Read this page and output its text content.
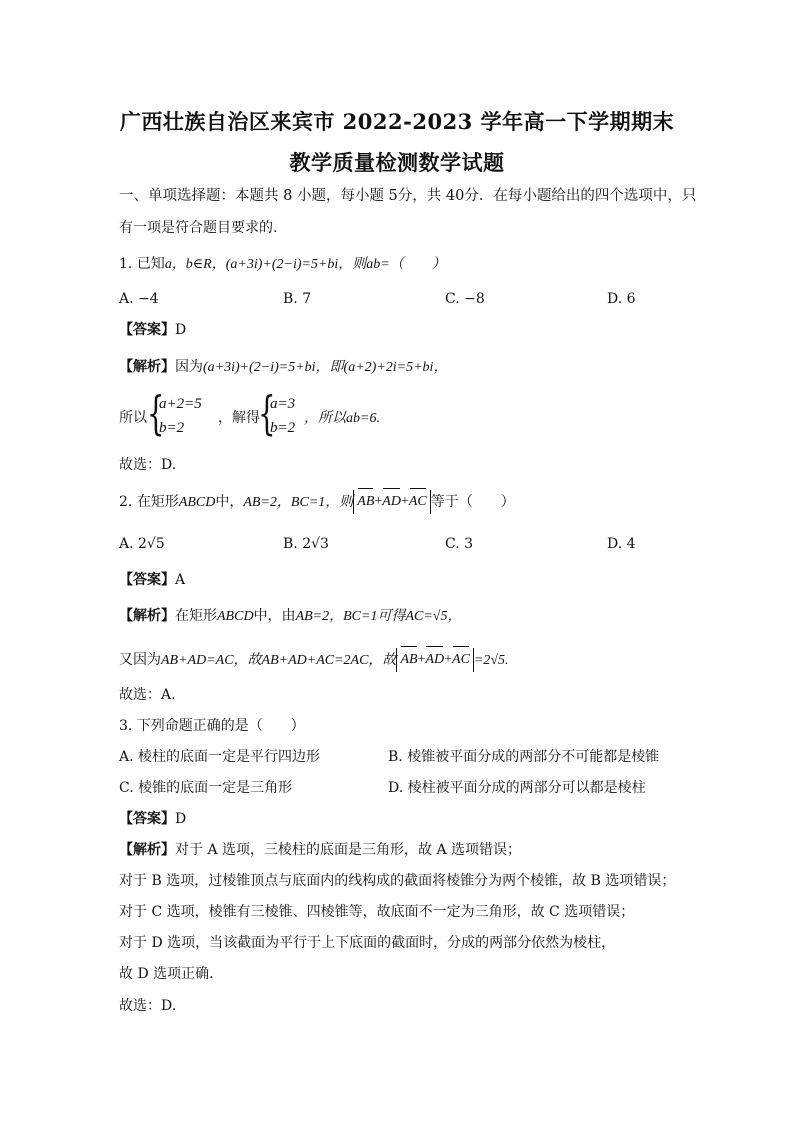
广西壮族自治区来宾市 2022-2023 学年高一下学期期末
教学质量检测数学试题
一、单项选择题：本题共 8 小题，每小题 5分，共 40分．在每小题给出的四个选项中，只
有一项是符合题目要求的.
1. 已知a，b∈R，(a+3i)+(2−i)=5+bi，则ab=（　　）
A. −4	B. 7	C. −8	D. 6
【答案】D
【解析】因为(a+3i)+(2−i)=5+bi，即(a+2)+2i=5+bi，
所以 {
a+2=5
b=2
，解得
{
a=3
b=2
，所以ab=6.
故选：D.
2. 在矩形ABCD中，AB=2，BC=1，则 AB+AD+AC 等于（　　）
A. 2√5	B. 2√3	C. 3	D. 4
【答案】A
【解析】在矩形ABCD中，由AB=2，BC=1可得AC=√5，
又因为AB+AD=AC，故AB+AD+AC=2AC，故 AB+AD+AC =2√5.
故选：A.
3. 下列命题正确的是（　　）
A. 棱柱的底面一定是平行四边形	B. 棱锥被平面分成的两部分不可能都是棱锥
C. 棱锥的底面一定是三角形	D. 棱柱被平面分成的两部分可以都是棱柱
【答案】D
【解析】对于 A 选项，三棱柱的底面是三角形，故 A 选项错误；
对于 B 选项，过棱锥顶点与底面内的线构成的截面将棱锥分为两个棱锥，故 B 选项错误；
对于 C 选项，棱锥有三棱锥、四棱锥等，故底面不一定为三角形，故 C 选项错误；
对于 D 选项，当该截面为平行于上下底面的截面时，分成的两部分依然为棱柱，
故 D 选项正确.
故选：D.
